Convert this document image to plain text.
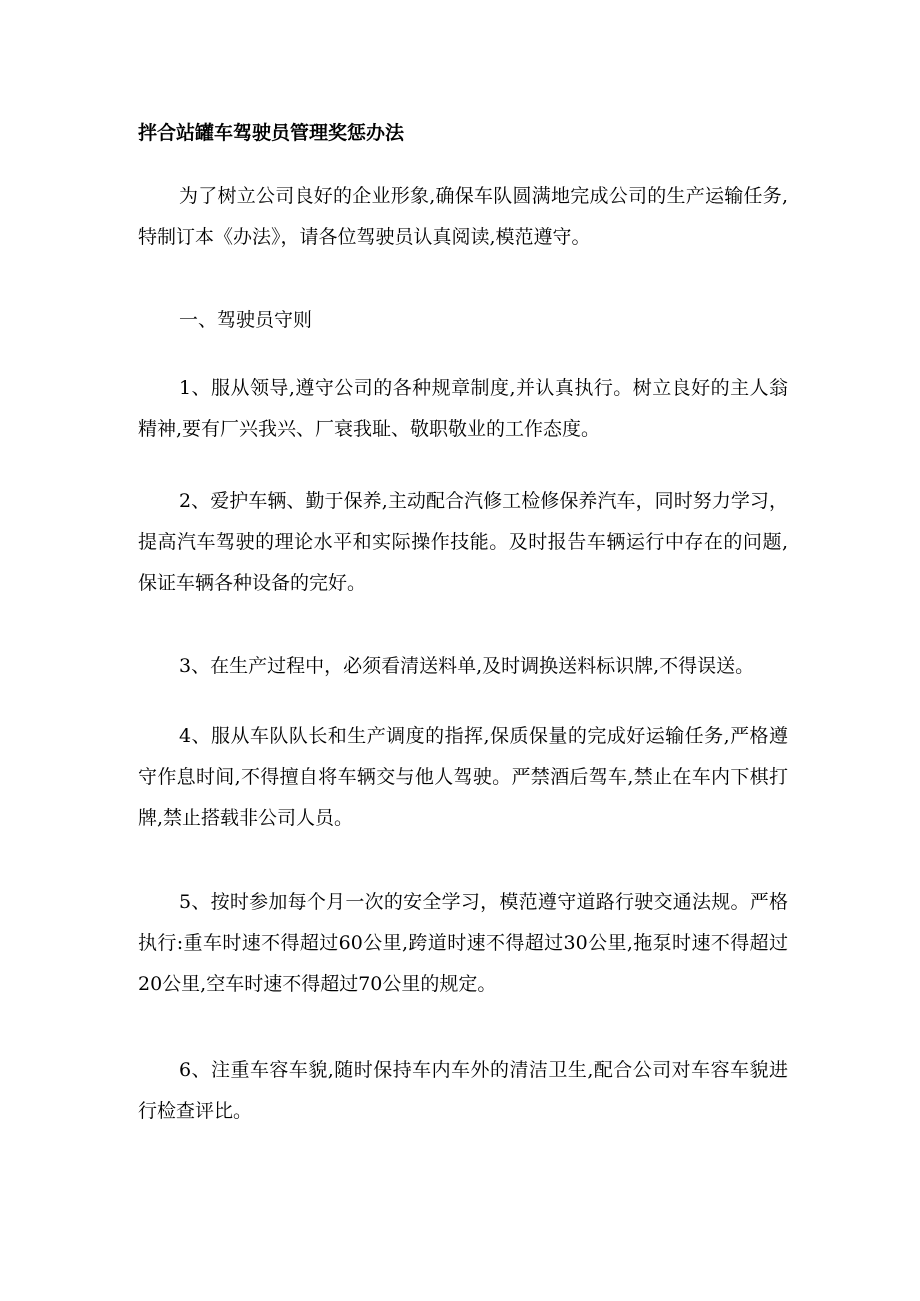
拌合站罐车驾驶员管理奖惩办法

为了树立公司良好的企业形象,确保车队圆满地完成公司的生产运输任务,特制订本《办法》，请各位驾驶员认真阅读,模范遵守。

一、驾驶员守则

1、服从领导,遵守公司的各种规章制度,并认真执行。树立良好的主人翁精神,要有厂兴我兴、厂衰我耻、敬职敬业的工作态度。

2、爱护车辆、勤于保养,主动配合汽修工检修保养汽车，同时努力学习，提高汽车驾驶的理论水平和实际操作技能。及时报告车辆运行中存在的问题,保证车辆各种设备的完好。

3、在生产过程中，必须看清送料单,及时调换送料标识牌,不得误送。

4、服从车队队长和生产调度的指挥,保质保量的完成好运输任务,严格遵守作息时间,不得擅自将车辆交与他人驾驶。严禁酒后驾车,禁止在车内下棋打牌,禁止搭载非公司人员。

5、按时参加每个月一次的安全学习，模范遵守道路行驶交通法规。严格执行:重车时速不得超过60公里,跨道时速不得超过30公里,拖泵时速不得超过20公里,空车时速不得超过70公里的规定。

6、注重车容车貌,随时保持车内车外的清洁卫生,配合公司对车容车貌进行检查评比。
